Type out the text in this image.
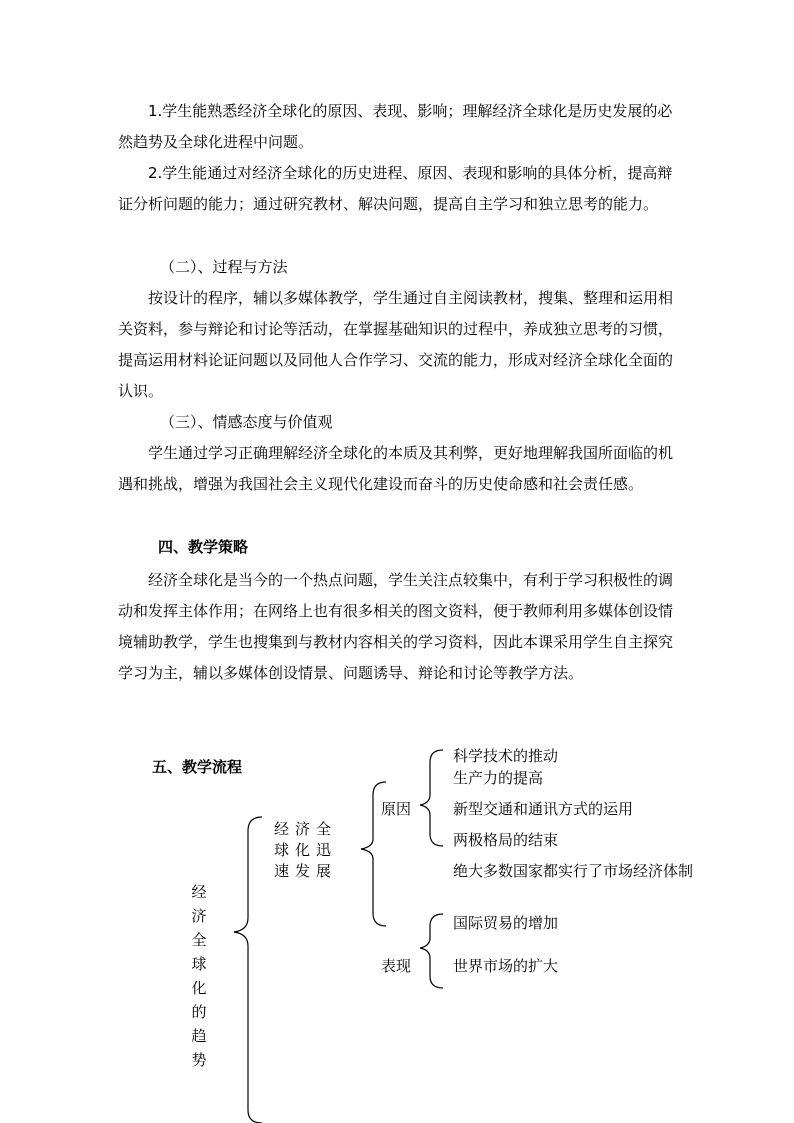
1.学生能熟悉经济全球化的原因、表现、影响；理解经济全球化是历史发展的必然趋势及全球化进程中问题。

2.学生能通过对经济全球化的历史进程、原因、表现和影响的具体分析，提高辩证分析问题的能力；通过研究教材、解决问题，提高自主学习和独立思考的能力。

（二）、过程与方法

按设计的程序，辅以多媒体教学，学生通过自主阅读教材，搜集、整理和运用相关资料，参与辩论和讨论等活动，在掌握基础知识的过程中，养成独立思考的习惯，提高运用材料论证问题以及同他人合作学习、交流的能力，形成对经济全球化全面的认识。

（三）、情感态度与价值观

学生通过学习正确理解经济全球化的本质及其利弊，更好地理解我国所面临的机遇和挑战，增强为我国社会主义现代化建设而奋斗的历史使命感和社会责任感。

四、教学策略

经济全球化是当今的一个热点问题，学生关注点较集中，有利于学习积极性的调动和发挥主体作用；在网络上也有很多相关的图文资料，便于教师利用多媒体创设情境辅助教学，学生也搜集到与教材内容相关的学习资料，因此本课采用学生自主探究学习为主，辅以多媒体创设情景、问题诱导、辩论和讨论等教学方法。

五、教学流程
经
济
全
球
化
的
趋
势
经济全球化迅速发展
原因
科学技术的推动
生产力的提高
新型交通和通讯方式的运用
两极格局的结束
绝大多数国家都实行了市场经济体制
表现
国际贸易的增加
世界市场的扩大
